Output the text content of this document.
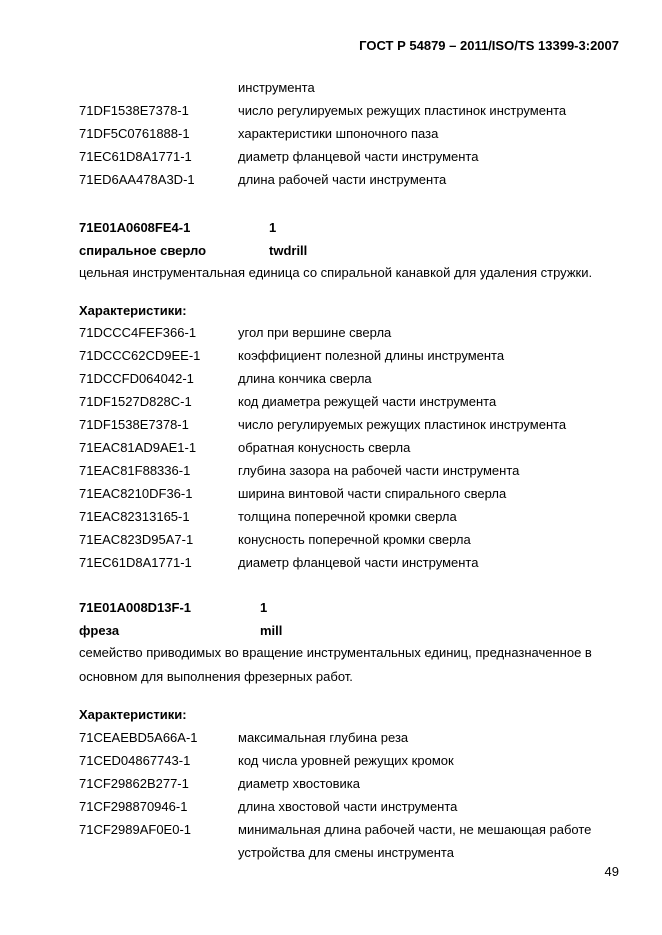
ГОСТ Р 54879 – 2011/ISO/TS 13399-3:2007
инструмента
71DF1538E7378-1	число регулируемых режущих пластинок инструмента
71DF5C0761888-1	характеристики шпоночного паза
71EC61D8A1771-1	диаметр фланцевой части инструмента
71ED6AA478A3D-1	длина рабочей части инструмента
71E01A0608FE4-1	1
спиральное сверло	twdrill
цельная инструментальная единица со спиральной канавкой для удаления стружки.
Характеристики:
71DCCC4FEF366-1	угол при вершине сверла
71DCCC62CD9EE-1	коэффициент полезной длины инструмента
71DCCFD064042-1	длина кончика сверла
71DF1527D828C-1	код диаметра режущей части инструмента
71DF1538E7378-1	число регулируемых режущих пластинок инструмента
71EAC81AD9AE1-1	обратная конусность сверла
71EAC81F88336-1	глубина зазора на рабочей части инструмента
71EAC8210DF36-1	ширина винтовой части спирального сверла
71EAC82313165-1	толщина поперечной кромки сверла
71EAC823D95A7-1	конусность поперечной кромки сверла
71EC61D8A1771-1	диаметр фланцевой части инструмента
71E01A008D13F-1	1
фреза	mill
семейство приводимых во вращение инструментальных единиц, предназначенное в
основном для выполнения фрезерных работ.
Характеристики:
71CEAEBD5A66A-1	максимальная глубина реза
71CED04867743-1	код числа уровней режущих кромок
71CF29862B277-1	диаметр хвостовика
71CF298870946-1	длина хвостовой части инструмента
71CF2989AF0E0-1	минимальная длина рабочей части, не мешающая работе
устройства для смены инструмента
49
